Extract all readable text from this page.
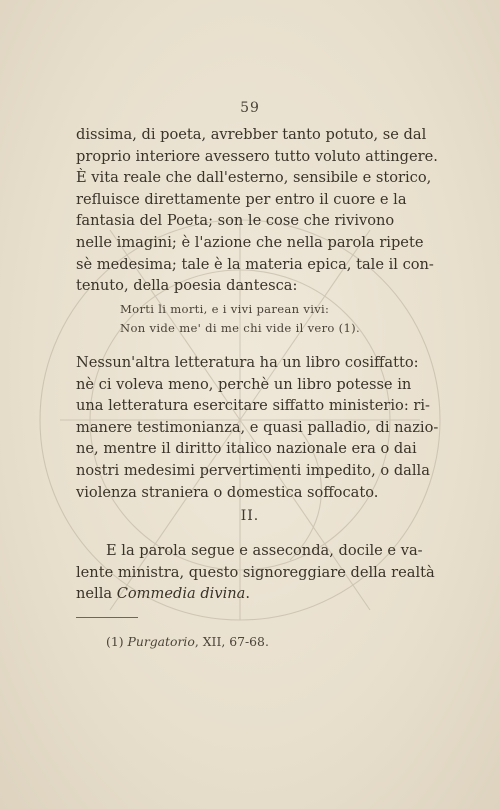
59
dissima, di poeta, avrebber tanto potuto, se dal
proprio interiore avessero tutto voluto attingere.
È vita reale che dall'esterno, sensibile e storico,
refluisce direttamente per entro il cuore e la
fantasia del Poeta; son le cose che rivivono
nelle imagini; è l'azione che nella parola ripete
sè medesima; tale è la materia epica, tale il con-
tenuto, della poesia dantesca:
Morti li morti, e i vivi parean vivi:
Non vide me' di me chi vide il vero (1).
Nessun'altra letteratura ha un libro cosiffatto:
nè ci voleva meno, perchè un libro potesse in
una letteratura esercitare siffatto ministerio: ri-
manere testimonianza, e quasi palladio, di nazio-
ne, mentre il diritto italico nazionale era o dai
nostri medesimi pervertimenti impedito, o dalla
violenza straniera o domestica soffocato.
II.
E la parola segue e asseconda, docile e va-
lente ministra, questo signoreggiare della realtà
nella Commedia divina.
(1) Purgatorio, XII, 67-68.
